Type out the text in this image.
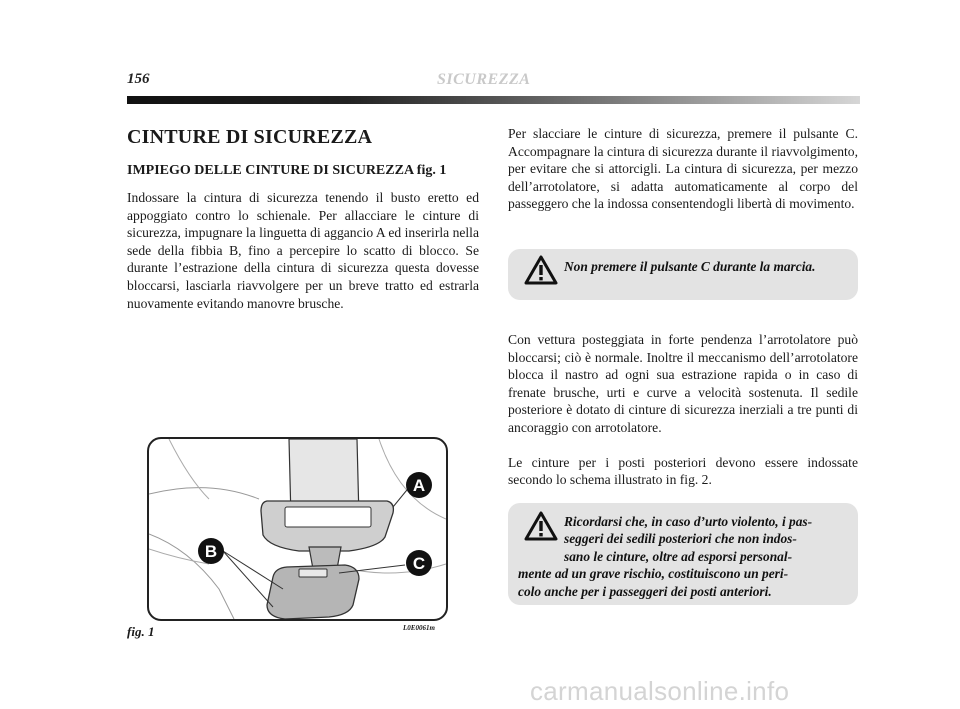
156	SICUREZZA
CINTURE DI SICUREZZA
IMPIEGO DELLE CINTURE DI SICUREZZA fig. 1

Indossare la cintura di sicurezza tenendo il busto eretto ed appoggiato contro lo schienale. Per allacciare le cinture di sicurezza, impugnare la linguetta di aggancio A ed inserirla nella sede della fibbia B, fino a percepire lo scatto di blocco. Se durante l’estrazione della cintura di sicurezza questa dovesse bloccarsi, lasciarla riavvolgere per un breve tratto ed estrarla nuovamente evitando manovre brusche.

Per slacciare le cinture di sicurezza, premere il pulsante C. Accompagnare la cintura di sicurezza durante il riavvolgimento, per evitare che si attorcigli. La cintura di sicurezza, per mezzo dell’arrotolatore, si adatta automaticamente al corpo del passeggero che la indossa consentendogli libertà di movimento.

Non premere il pulsante C durante la marcia.

Con vettura posteggiata in forte pendenza l’arrotolatore può bloccarsi; ciò è normale. Inoltre il meccanismo dell’arrotolatore blocca il nastro ad ogni sua estrazione rapida o in caso di frenate brusche, urti e curve a velocità sostenuta. Il sedile posteriore è dotato di cinture di sicurezza inerziali a tre punti di ancoraggio con arrotolatore.

Le cinture per i posti posteriori devono essere indossate secondo lo schema illustrato in fig. 2.

Ricordarsi che, in caso d’urto violento, i pas-
seggeri dei sedili posteriori che non indos-
sano le cinture, oltre ad esporsi personal-
mente ad un grave rischio, costituiscono un peri-
colo anche per i passeggeri dei posti anteriori.
A
B
C
fig. 1	L0E0061m
carmanualsonline.info
